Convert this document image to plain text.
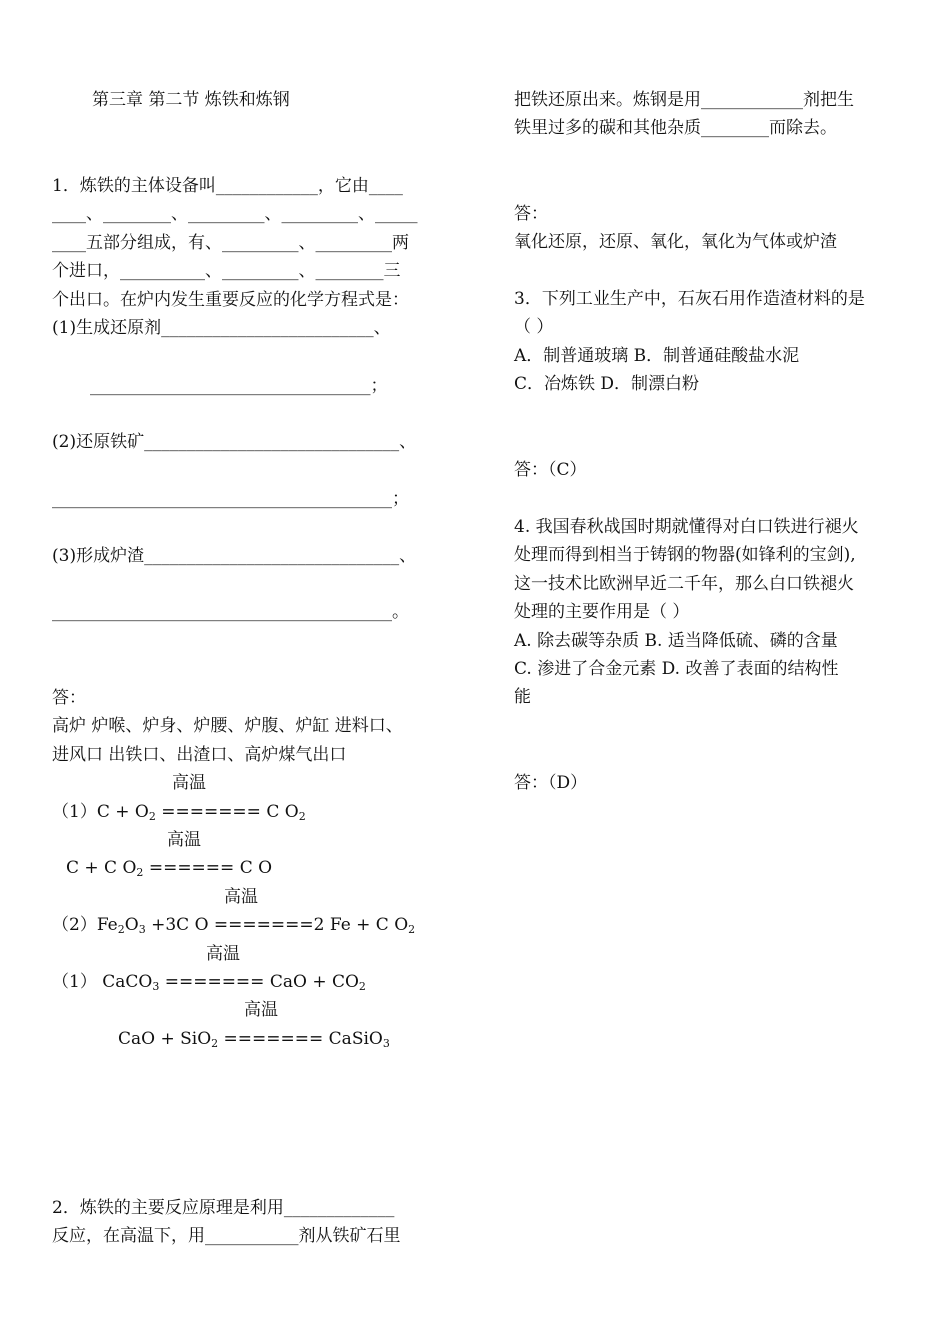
第三章 第二节 炼铁和炼钢
1．炼铁的主体设备叫____________，它由____
____、________、_________、_________、_____
____五部分组成，有、_________、_________两
个进口，__________、_________、________三
个出口。在炉内发生重要反应的化学方程式是：
(1)生成还原剂_________________________、
_________________________________；
(2)还原铁矿______________________________、
________________________________________；
(3)形成炉渣______________________________、
________________________________________。
答：
高炉 炉喉、炉身、炉腰、炉腹、炉缸 进料口、
进风口 出铁口、出渣口、高炉煤气出口
高温
$(1)C + O_2$ ======= C $O_2$
高温
C + C $O_2$ ====== C O
高温
$(2)Fe_2O_3 +3C$ O =======2 Fe + C $O_2$
高温
（1） CaCO$_3$ ======= CaO + $CO_2$
高温
CaO + SiO$_2$ ======= CaSiO$_3$
2．炼铁的主要反应原理是利用_____________
反应，在高温下，用___________剂从铁矿石里
把铁还原出来。炼钢是用____________剂把生
铁里过多的碳和其他杂质________而除去。
答：
氧化还原，还原、氧化，氧化为气体或炉渣
3．下列工业生产中，石灰石用作造渣材料的是
（ ）
A．制普通玻璃 B．制普通硅酸盐水泥
C．冶炼铁 D．制漂白粉
答：（C）
4. 我国春秋战国时期就懂得对白口铁进行褪火
处理而得到相当于铸钢的物器(如锋利的宝剑),
这一技术比欧洲早近二千年，那么白口铁褪火
处理的主要作用是（ ）
A. 除去碳等杂质 B. 适当降低硫、磷的含量
C. 渗进了合金元素 D. 改善了表面的结构性
能
答：（D）
